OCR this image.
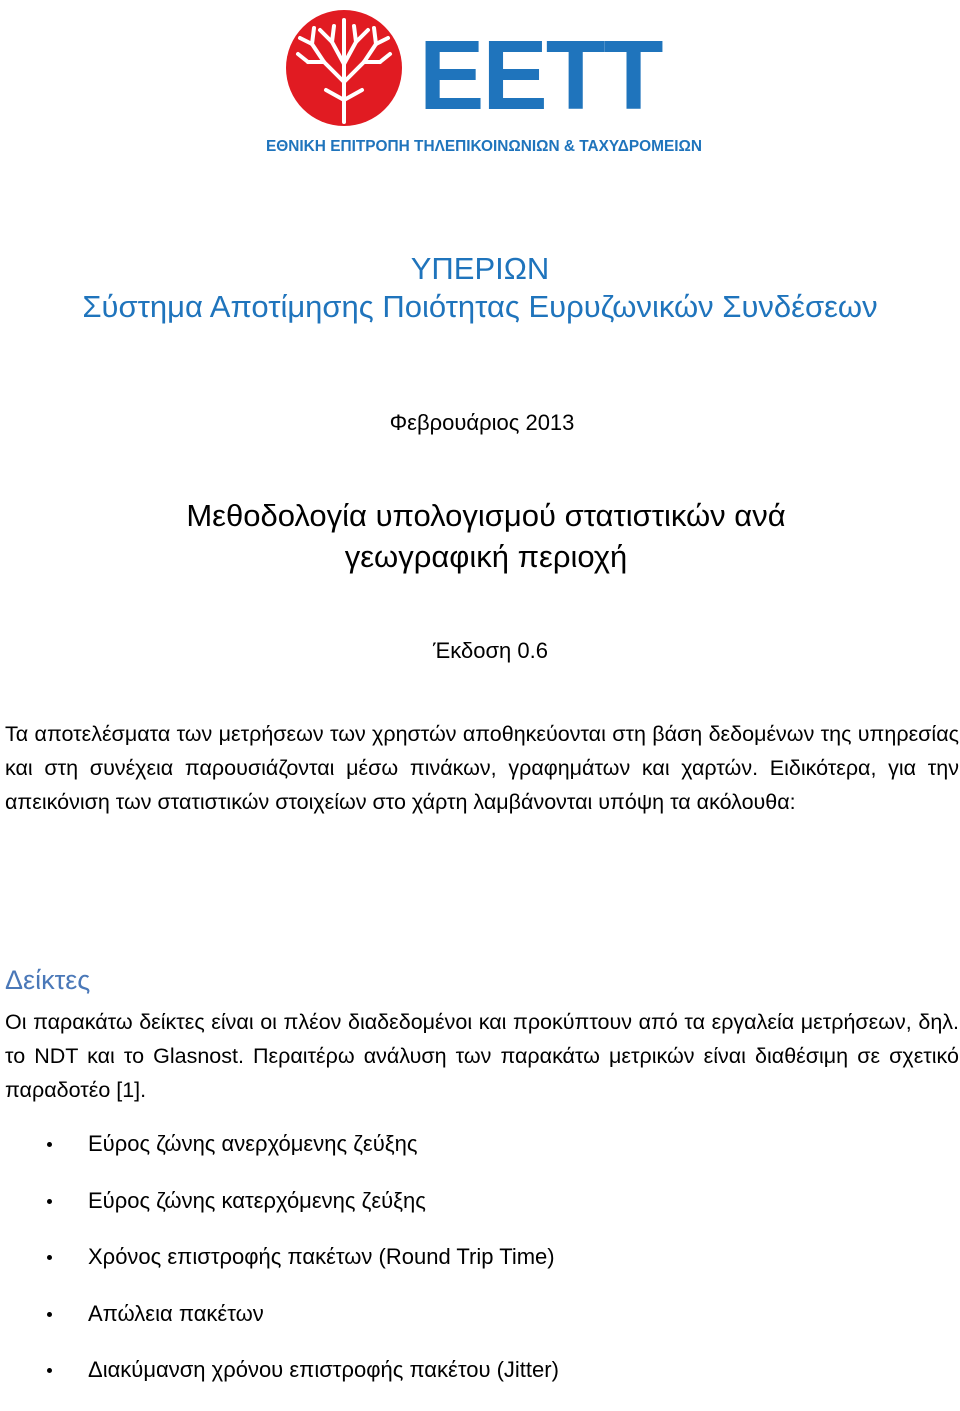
ΕΕΤΤ
ΕΘΝΙΚΗ ΕΠΙΤΡΟΠΗ ΤΗΛΕΠΙΚΟΙΝΩΝΙΩΝ & ΤΑΧΥΔΡΟΜΕΙΩΝ

ΥΠΕΡΙΩΝ

Σύστημα Αποτίμησης Ποιότητας Ευρυζωνικών Συνδέσεων

Φεβρουάριος 2013
Μεθοδολογία υπολογισμού στατιστικών ανά
γεωγραφική περιοχή
Έκδοση 0.6

Τα αποτελέσματα των μετρήσεων των χρηστών αποθηκεύονται στη βάση δεδομένων της υπηρεσίας και στη συνέχεια παρουσιάζονται μέσω πινάκων, γραφημάτων και χαρτών. Ειδικότερα, για την απεικόνιση των στατιστικών στοιχείων στο χάρτη λαμβάνονται υπόψη τα ακόλουθα:

Δείκτες

Οι παρακάτω δείκτες είναι οι πλέον διαδεδομένοι και προκύπτουν από τα εργαλεία μετρήσεων, δηλ. το NDT και το Glasnost. Περαιτέρω ανάλυση των παρακάτω μετρικών είναι διαθέσιμη σε σχετικό παραδοτέο [1].

Εύρος ζώνης ανερχόμενης ζεύξης
Εύρος ζώνης κατερχόμενης ζεύξης
Χρόνος επιστροφής πακέτων (Round Trip Time)
Απώλεια πακέτων
Διακύμανση χρόνου επιστροφής πακέτου (Jitter)
